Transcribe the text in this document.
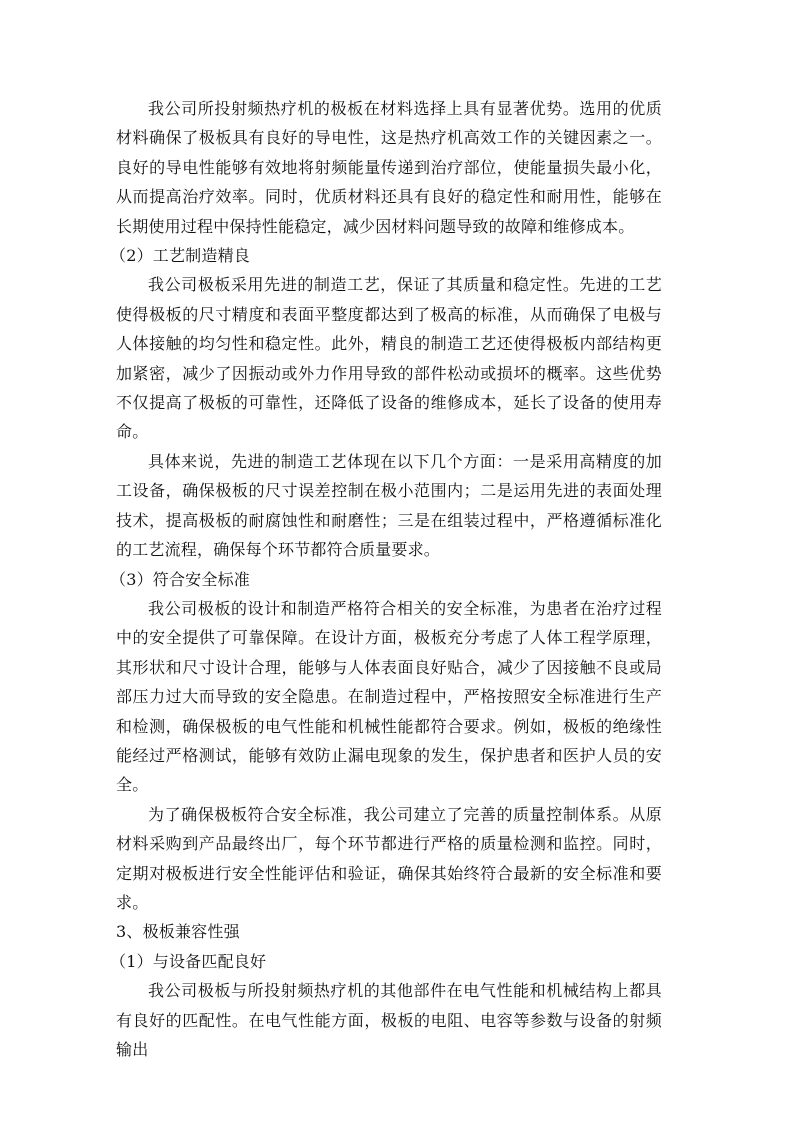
我公司所投射频热疗机的极板在材料选择上具有显著优势。选用的优质材料确保了极板具有良好的导电性，这是热疗机高效工作的关键因素之一。良好的导电性能够有效地将射频能量传递到治疗部位，使能量损失最小化，从而提高治疗效率。同时，优质材料还具有良好的稳定性和耐用性，能够在长期使用过程中保持性能稳定，减少因材料问题导致的故障和维修成本。

（2）工艺制造精良

我公司极板采用先进的制造工艺，保证了其质量和稳定性。先进的工艺使得极板的尺寸精度和表面平整度都达到了极高的标准，从而确保了电极与人体接触的均匀性和稳定性。此外，精良的制造工艺还使得极板内部结构更加紧密，减少了因振动或外力作用导致的部件松动或损坏的概率。这些优势不仅提高了极板的可靠性，还降低了设备的维修成本，延长了设备的使用寿命。

具体来说，先进的制造工艺体现在以下几个方面：一是采用高精度的加工设备，确保极板的尺寸误差控制在极小范围内；二是运用先进的表面处理技术，提高极板的耐腐蚀性和耐磨性；三是在组装过程中，严格遵循标准化的工艺流程，确保每个环节都符合质量要求。

（3）符合安全标准

我公司极板的设计和制造严格符合相关的安全标准，为患者在治疗过程中的安全提供了可靠保障。在设计方面，极板充分考虑了人体工程学原理，其形状和尺寸设计合理，能够与人体表面良好贴合，减少了因接触不良或局部压力过大而导致的安全隐患。在制造过程中，严格按照安全标准进行生产和检测，确保极板的电气性能和机械性能都符合要求。例如，极板的绝缘性能经过严格测试，能够有效防止漏电现象的发生，保护患者和医护人员的安全。

为了确保极板符合安全标准，我公司建立了完善的质量控制体系。从原材料采购到产品最终出厂，每个环节都进行严格的质量检测和监控。同时，定期对极板进行安全性能评估和验证，确保其始终符合最新的安全标准和要求。

3、极板兼容性强

（1）与设备匹配良好

我公司极板与所投射频热疗机的其他部件在电气性能和机械结构上都具有良好的匹配性。在电气性能方面，极板的电阻、电容等参数与设备的射频输出
